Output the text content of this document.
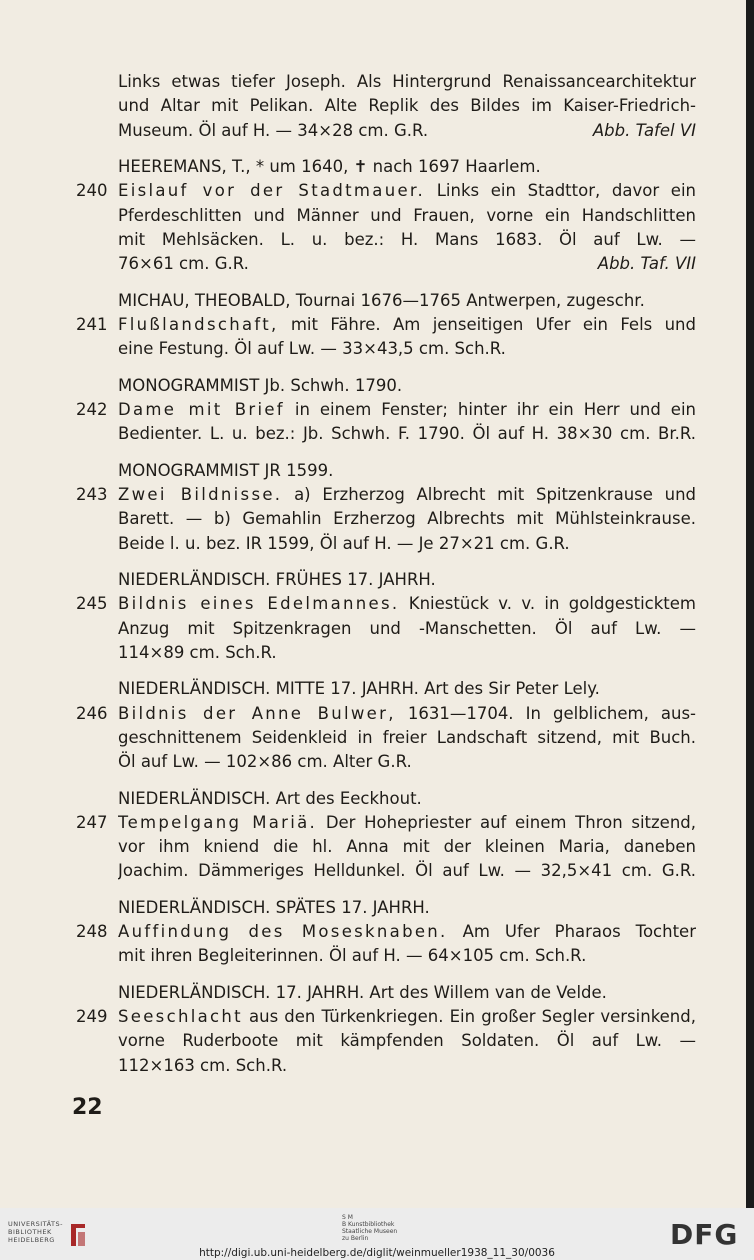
Links etwas tiefer Joseph. Als Hintergrund Renaissancearchitektur
und Altar mit Pelikan. Alte Replik des Bildes im Kaiser-Friedrich-
Abb. Tafel VI
Museum. Öl auf H. — 34×28 cm. G.R.
HEEREMANS, T., * um 1640, ✝ nach 1697 Haarlem.
240 Eislauf vor der Stadtmauer. Links ein Stadttor, davor ein
Pferdeschlitten und Männer und Frauen, vorne ein Handschlitten
mit Mehlsäcken. L. u. bez.: H. Mans 1683. Öl auf Lw. —
Abb. Taf. VII
76×61 cm. G.R.
MICHAU, THEOBALD, Tournai 1676—1765 Antwerpen, zugeschr.
241 Flußlandschaft, mit Fähre. Am jenseitigen Ufer ein Fels und
eine Festung. Öl auf Lw. — 33×43,5 cm. Sch.R.
MONOGRAMMIST Jb. Schwh. 1790.
242 Dame mit Brief in einem Fenster; hinter ihr ein Herr und ein
Bedienter. L. u. bez.: Jb. Schwh. F. 1790. Öl auf H. 38×30 cm. Br.R.
MONOGRAMMIST JR 1599.
243 Zwei Bildnisse. a) Erzherzog Albrecht mit Spitzenkrause und
Barett. — b) Gemahlin Erzherzog Albrechts mit Mühlsteinkrause.
Beide l. u. bez. IR 1599, Öl auf H. — Je 27×21 cm. G.R.
NIEDERLÄNDISCH. FRÜHES 17. JAHRH.
245 Bildnis eines Edelmannes. Kniestück v. v. in goldgesticktem
Anzug mit Spitzenkragen und -Manschetten. Öl auf Lw. —
114×89 cm. Sch.R.
NIEDERLÄNDISCH. MITTE 17. JAHRH. Art des Sir Peter Lely.
246 Bildnis der Anne Bulwer, 1631—1704. In gelblichem, aus-
geschnittenem Seidenkleid in freier Landschaft sitzend, mit Buch.
Öl auf Lw. — 102×86 cm. Alter G.R.
NIEDERLÄNDISCH. Art des Eeckhout.
247 Tempelgang Mariä. Der Hohepriester auf einem Thron sitzend,
vor ihm kniend die hl. Anna mit der kleinen Maria, daneben
Joachim. Dämmeriges Helldunkel. Öl auf Lw. — 32,5×41 cm. G.R.
NIEDERLÄNDISCH. SPÄTES 17. JAHRH.
248 Auffindung des Mosesknaben. Am Ufer Pharaos Tochter
mit ihren Begleiterinnen. Öl auf H. — 64×105 cm. Sch.R.
NIEDERLÄNDISCH. 17. JAHRH. Art des Willem van de Velde.
249 Seeschlacht aus den Türkenkriegen. Ein großer Segler versinkend,
vorne Ruderboote mit kämpfenden Soldaten. Öl auf Lw. —
112×163 cm. Sch.R.
22
UNIVERSITÄTS-
BIBLIOTHEK
HEIDELBERG
S M
B Kunstbibliothek
Staatliche Museen
zu Berlin	DFG
http://digi.ub.uni-heidelberg.de/diglit/weinmueller1938_11_30/0036
